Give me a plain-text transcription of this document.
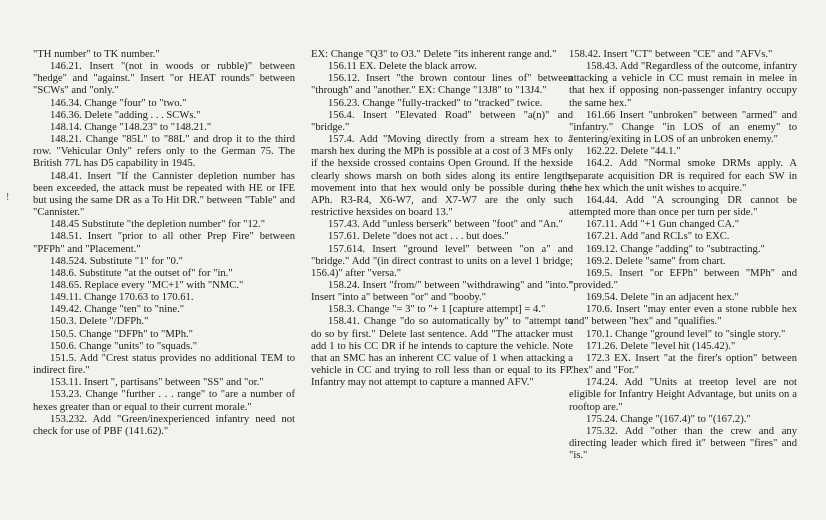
!

"TH number" to TK number."

146.21. Insert "(not in woods or rubble)" between "hedge" and "against." Insert "or HEAT rounds" between "SCWs" and "only."

146.34. Change "four" to "two."

146.36. Delete "adding . . . SCWs."

148.14. Change "148.23" to "148.21."

148.21. Change "85L" to "88L" and drop it to the third row. "Vehicular Only" refers only to the German 75. The British 77L has D5 capability in 1945.

148.41. Insert "If the Cannister depletion number has been exceeded, the attack must be repeated with HE or IFE but using the same DR as a To Hit DR." between "Table" and "Cannister."

148.45 Substitute "the depletion number" for "12."

148.51. Insert "prior to all other Prep Fire" between "PFPh" and "Placement."

148.524. Substitute "1" for "0."

148.6. Substitute "at the outset of" for "in."

148.65. Replace every "MC+1" with "NMC."

149.11. Change 170.63 to 170.61.

149.42. Change "ten" to "nine."

150.3. Delete "/DFPh."

150.5. Change "DFPh" to "MPh."

150.6. Change "units" to "squads."

151.5. Add "Crest status provides no additional TEM to indirect fire."

153.11. Insert ", partisans" between "SS" and "or."

153.23. Change "further . . . range" to "are a number of hexes greater than or equal to their current morale."

153.232. Add "Green/inexperienced infantry need not check for use of PBF (141.62)."

EX: Change "Q3" to O3." Delete "its inherent range and."

156.11 EX. Delete the black arrow.

156.12. Insert "the brown contour lines of" between "through" and "another." EX: Change "13J8" to "13J4."

156.23. Change "fully-tracked" to "tracked" twice.

156.4. Insert "Elevated Road" between "a(n)" and "bridge."

157.4. Add "Moving directly from a stream hex to a marsh hex during the MPh is possible at a cost of 3 MFs only if the hexside crossed contains Open Ground. If the hexside clearly shows marsh on both sides along its entire length, movement into that hex would only be possible during the APh. R3-R4, X6-W7, and X7-W7 are the only such restrictive hexsides on board 13."

157.43. Add "unless berserk" between "foot" and "An."

157.61. Delete "does not act . . . but does."

157.614. Insert "ground level" between "on a" and "bridge." Add "(in direct contrast to units on a level 1 bridge; 156.4)" after "versa."

158.24. Insert "from/" between "withdrawing" and "into." Insert "into a" between "or" and "booby."

158.3. Change "= 3" to "+ 1 [capture attempt] = 4."

158.41. Change "do so automatically by" to "attempt to do so by first." Delete last sentence. Add "The attacker must add 1 to his CC DR if he intends to capture the vehicle. Note that an SMC has an inherent CC value of 1 when attacking a vehicle in CC and trying to roll less than or equal to its FP. Infantry may not attempt to capture a manned AFV."

158.42. Insert "CT" between "CE" and "AFVs."

158.43. Add "Regardless of the outcome, infantry attacking a vehicle in CC must remain in melee in that hex if opposing non-passenger infantry occupy the same hex."

161.66 Insert "unbroken" between "armed" and "infantry." Change "in LOS of an enemy" to "entering/exiting in LOS of an unbroken enemy."

162.22. Delete "44.1."

164.2. Add "Normal smoke DRMs apply. A separate acquisition DR is required for each SW in the hex which the unit wishes to acquire."

164.44. Add "A scrounging DR cannot be attempted more than once per turn per side."

167.11. Add "+1 Gun changed CA."

167.21. Add "and RCLs" to EXC.

169.12. Change "adding" to "subtracting."

169.2. Delete "same" from chart.

169.5. Insert "or EFPh" between "MPh" and "provided."

169.54. Delete "in an adjacent hex."

170.6. Insert "may enter even a stone rubble hex and" between "hex" and "qualifies."

170.1. Change "ground level" to "single story."

171.26. Delete "level hit (145.42)."

172.3 EX. Insert "at the firer's option" between "hex" and "For."

174.24. Add "Units at treetop level are not eligible for Infantry Height Advantage, but units on a rooftop are."

175.24. Change "(167.4)" to "(167.2)."

175.32. Add "other than the crew and any directing leader which fired it" between "fires" and "is."
